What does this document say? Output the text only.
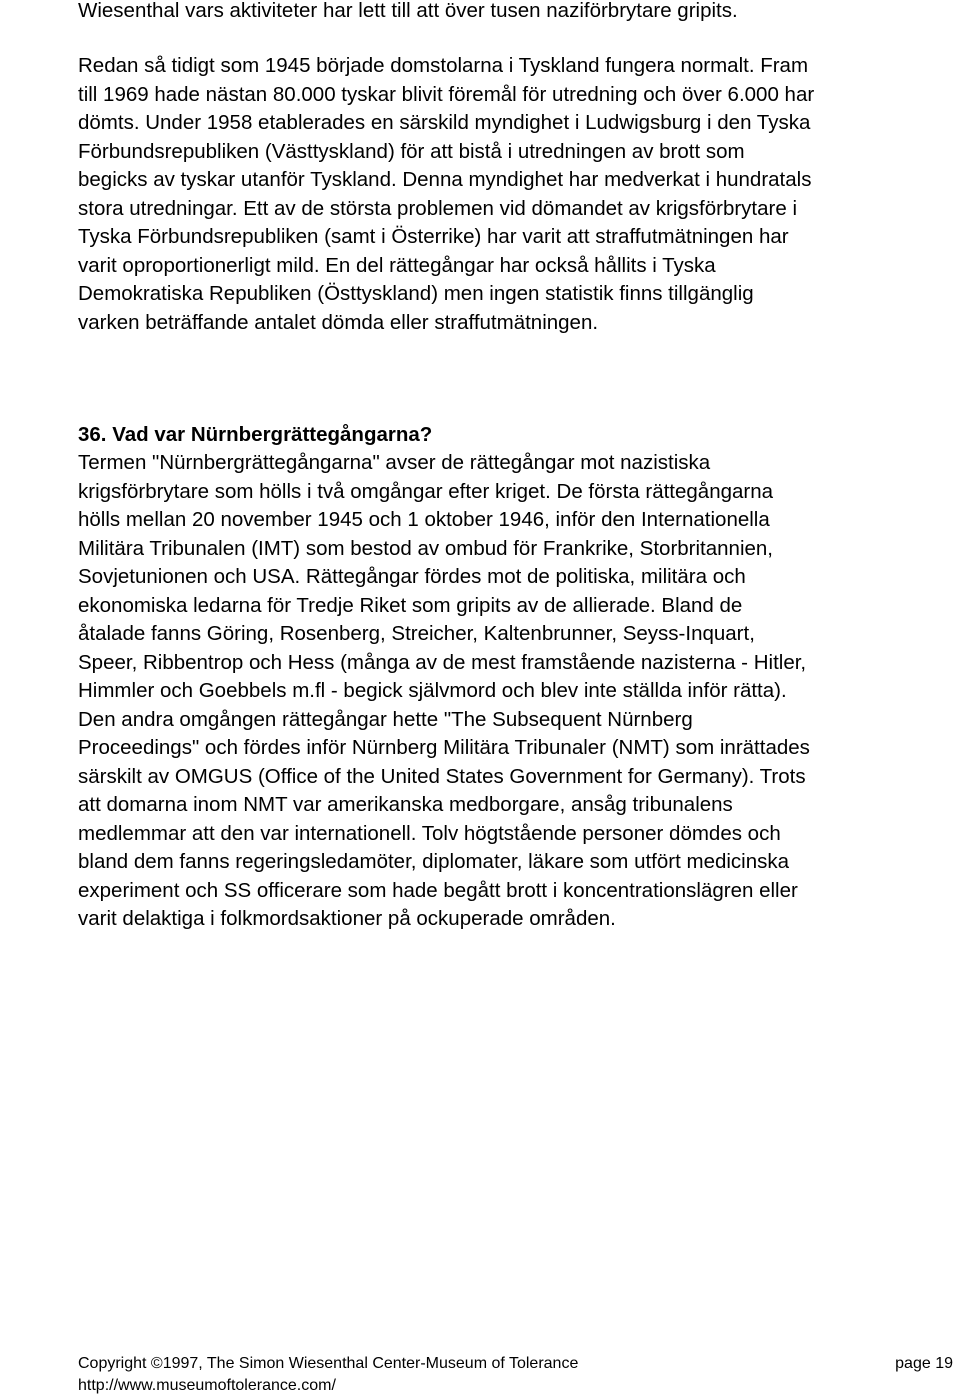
Wiesenthal vars aktiviteter har lett till att över tusen naziförbrytare gripits.

Redan så tidigt som 1945 började domstolarna i Tyskland fungera normalt. Fram
till 1969 hade nästan 80.000 tyskar blivit föremål för utredning och över 6.000 har
dömts. Under 1958 etablerades en särskild myndighet i Ludwigsburg i den Tyska
Förbundsrepubliken (Västtyskland) för att bistå i utredningen av brott som
begicks av tyskar utanför Tyskland. Denna myndighet har medverkat i hundratals
stora utredningar. Ett av de största problemen vid dömandet av krigsförbrytare i
Tyska Förbundsrepubliken (samt i Österrike) har varit att straffutmätningen har
varit oproportionerligt mild. En del rättegångar har också hållits i Tyska
Demokratiska Republiken (Östtyskland) men ingen statistik finns tillgänglig
varken beträffande antalet dömda eller straffutmätningen.

36. Vad var Nürnbergrättegångarna?

Termen "Nürnbergrättegångarna" avser de rättegångar mot nazistiska
krigsförbrytare som hölls i två omgångar efter kriget. De första rättegångarna
hölls mellan 20 november 1945 och 1 oktober 1946, inför den Internationella
Militära Tribunalen (IMT) som bestod av ombud för Frankrike, Storbritannien,
Sovjetunionen och USA. Rättegångar fördes mot de politiska, militära och
ekonomiska ledarna för Tredje Riket som gripits av de allierade. Bland de
åtalade fanns Göring, Rosenberg, Streicher, Kaltenbrunner, Seyss-Inquart,
Speer, Ribbentrop och Hess (många av de mest framstående nazisterna - Hitler,
Himmler och Goebbels m.fl - begick självmord och blev inte ställda inför rätta).
Den andra omgången rättegångar hette "The Subsequent Nürnberg
Proceedings" och fördes inför Nürnberg Militära Tribunaler (NMT) som inrättades
särskilt av OMGUS (Office of the United States Government for Germany). Trots
att domarna inom NMT var amerikanska medborgare, ansåg tribunalens
medlemmar att den var internationell. Tolv högtstående personer dömdes och
bland dem fanns regeringsledamöter, diplomater, läkare som utfört medicinska
experiment och SS officerare som hade begått brott i koncentrationslägren eller
varit delaktiga i folkmordsaktioner på ockuperade områden.

Copyright ©1997, The Simon Wiesenthal Center-Museum of Tolerance
http://www.museumoftolerance.com/
page 19
